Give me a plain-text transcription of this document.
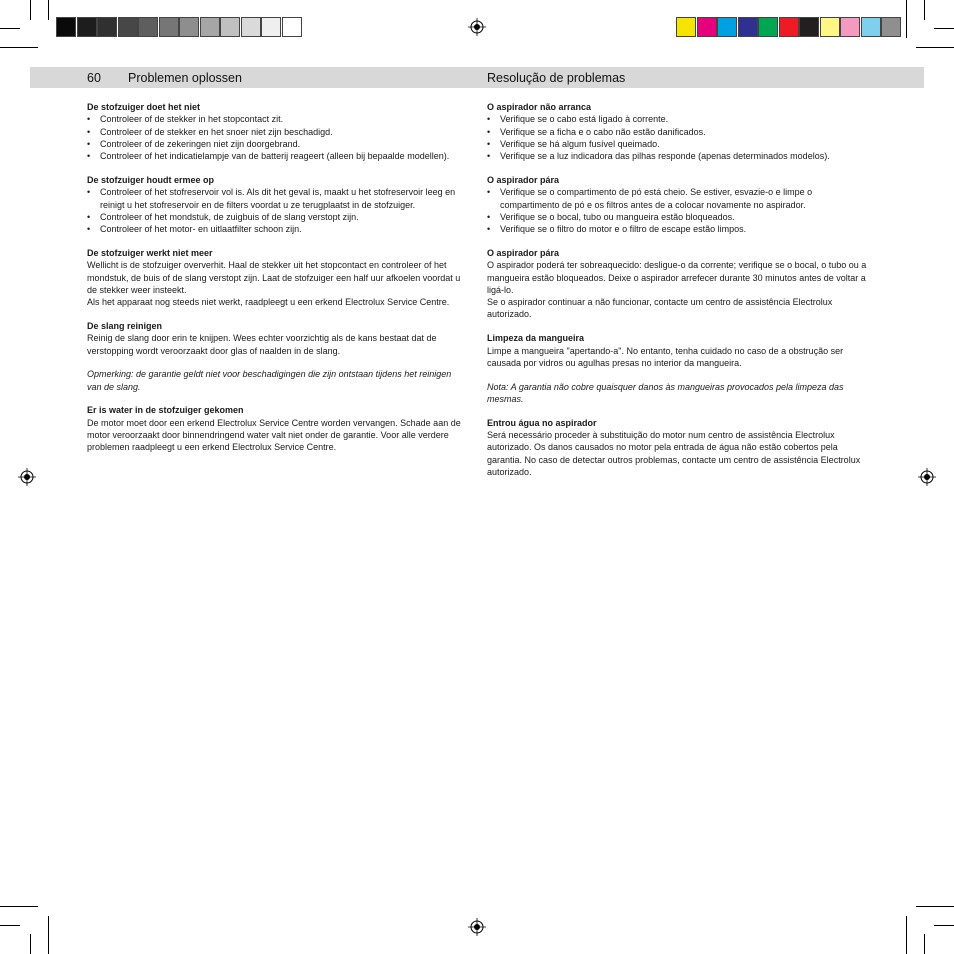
60 Problemen oplossen	Resolução de problemas

De stofzuiger doet het niet

• Controleer of de stekker in het stopcontact zit.
• Controleer of de stekker en het snoer niet zijn beschadigd.
• Controleer of de zekeringen niet zijn doorgebrand.
• Controleer of het indicatielampje van de batterij reageert (alleen bij bepaalde modellen).

De stofzuiger houdt ermee op

• Controleer of het stofreservoir vol is. Als dit het geval is, maakt u het stofreservoir leeg en reinigt u het stofreservoir en de filters voordat u ze terugplaatst in de stofzuiger.
• Controleer of het mondstuk, de zuigbuis of de slang verstopt zijn.
• Controleer of het motor- en uitlaatfilter schoon zijn.

De stofzuiger werkt niet meer

Wellicht is de stofzuiger oververhit. Haal de stekker uit het stopcontact en controleer of het mondstuk, de buis of de slang verstopt zijn. Laat de stofzuiger een half uur afkoelen voordat u de stekker weer insteekt.

Als het apparaat nog steeds niet werkt, raadpleegt u een erkend Electrolux Service Centre.

De slang reinigen

Reinig de slang door erin te knijpen. Wees echter voorzichtig als de kans bestaat dat de verstopping wordt veroorzaakt door glas of naalden in de slang.

Opmerking: de garantie geldt niet voor beschadigingen die zijn ontstaan tijdens het reinigen van de slang.

Er is water in de stofzuiger gekomen

De motor moet door een erkend Electrolux Service Centre worden vervangen. Schade aan de motor veroorzaakt door binnendringend water valt niet onder de garantie. Voor alle verdere problemen raadpleegt u een erkend Electrolux Service Centre.

O aspirador não arranca

• Verifique se o cabo está ligado à corrente.
• Verifique se a ficha e o cabo não estão danificados.
• Verifique se há algum fusível queimado.
• Verifique se a luz indicadora das pilhas responde (apenas determinados modelos).

O aspirador pára

• Verifique se o compartimento de pó está cheio. Se estiver, esvazie-o e limpe o compartimento de pó e os filtros antes de a colocar novamente no aspirador.
• Verifique se o bocal, tubo ou mangueira estão bloqueados.
• Verifique se o filtro do motor e o filtro de escape estão limpos.

O aspirador pára

O aspirador poderá ter sobreaquecido: desligue-o da corrente; verifique se o bocal, o tubo ou a mangueira estão bloqueados. Deixe o aspirador arrefecer durante 30 minutos antes de voltar a ligá-lo.

Se o aspirador continuar a não funcionar, contacte um centro de assistência Electrolux autorizado.

Limpeza da mangueira

Limpe a mangueira "apertando-a". No entanto, tenha cuidado no caso de a obstrução ser causada por vidros ou agulhas presas no interior da mangueira.

Nota: A garantia não cobre quaisquer danos às mangueiras provocados pela limpeza das mesmas.

Entrou água no aspirador

Será necessário proceder à substituição do motor num centro de assistência Electrolux autorizado. Os danos causados no motor pela entrada de água não estão cobertos pela garantia. No caso de detectar outros problemas, contacte um centro de assistência Electrolux autorizado.
